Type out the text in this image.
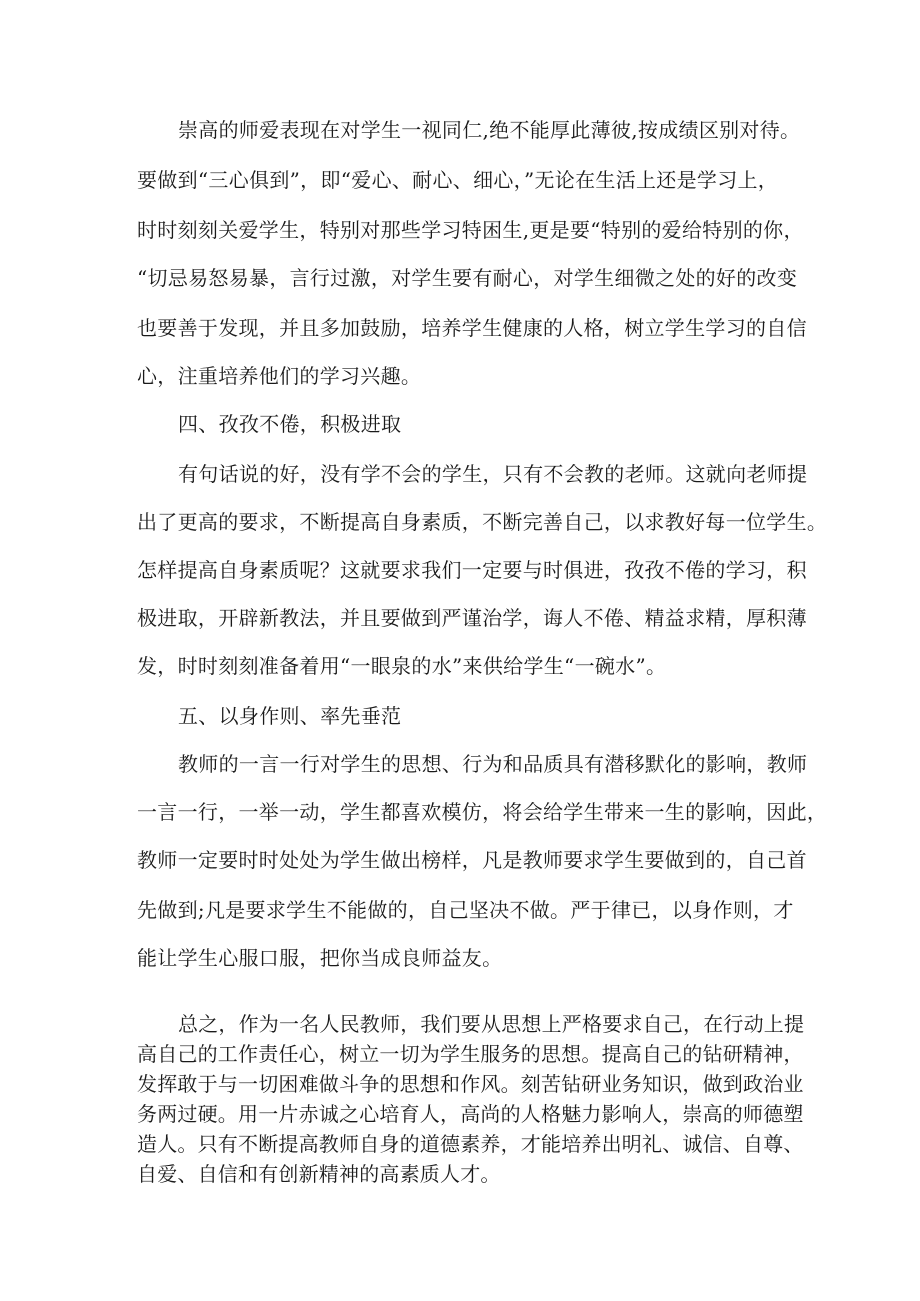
崇高的师爱表现在对学生一视同仁,绝不能厚此薄彼,按成绩区别对待。
要做到“三心俱到”，即“爱心、耐心、细心，”无论在生活上还是学习上，
时时刻刻关爱学生，特别对那些学习特困生,更是要“特别的爱给特别的你，
“切忌易怒易暴，言行过激，对学生要有耐心，对学生细微之处的好的改变
也要善于发现，并且多加鼓励，培养学生健康的人格，树立学生学习的自信
心，注重培养他们的学习兴趣。
四、孜孜不倦，积极进取
有句话说的好，没有学不会的学生，只有不会教的老师。这就向老师提
出了更高的要求，不断提高自身素质，不断完善自己，以求教好每一位学生。
怎样提高自身素质呢？这就要求我们一定要与时俱进，孜孜不倦的学习，积
极进取，开辟新教法，并且要做到严谨治学，诲人不倦、精益求精，厚积薄
发，时时刻刻准备着用“一眼泉的水”来供给学生“一碗水”。
五、以身作则、率先垂范
教师的一言一行对学生的思想、行为和品质具有潜移默化的影响，教师
一言一行，一举一动，学生都喜欢模仿，将会给学生带来一生的影响，因此，
教师一定要时时处处为学生做出榜样，凡是教师要求学生要做到的，自己首
先做到;凡是要求学生不能做的，自己坚决不做。严于律已，以身作则，才
能让学生心服口服，把你当成良师益友。
总之，作为一名人民教师，我们要从思想上严格要求自己，在行动上提
高自己的工作责任心，树立一切为学生服务的思想。提高自己的钻研精神，
发挥敢于与一切困难做斗争的思想和作风。刻苦钻研业务知识，做到政治业
务两过硬。用一片赤诚之心培育人，高尚的人格魅力影响人，崇高的师德塑
造人。只有不断提高教师自身的道德素养，才能培养出明礼、诚信、自尊、
自爱、自信和有创新精神的高素质人才。
